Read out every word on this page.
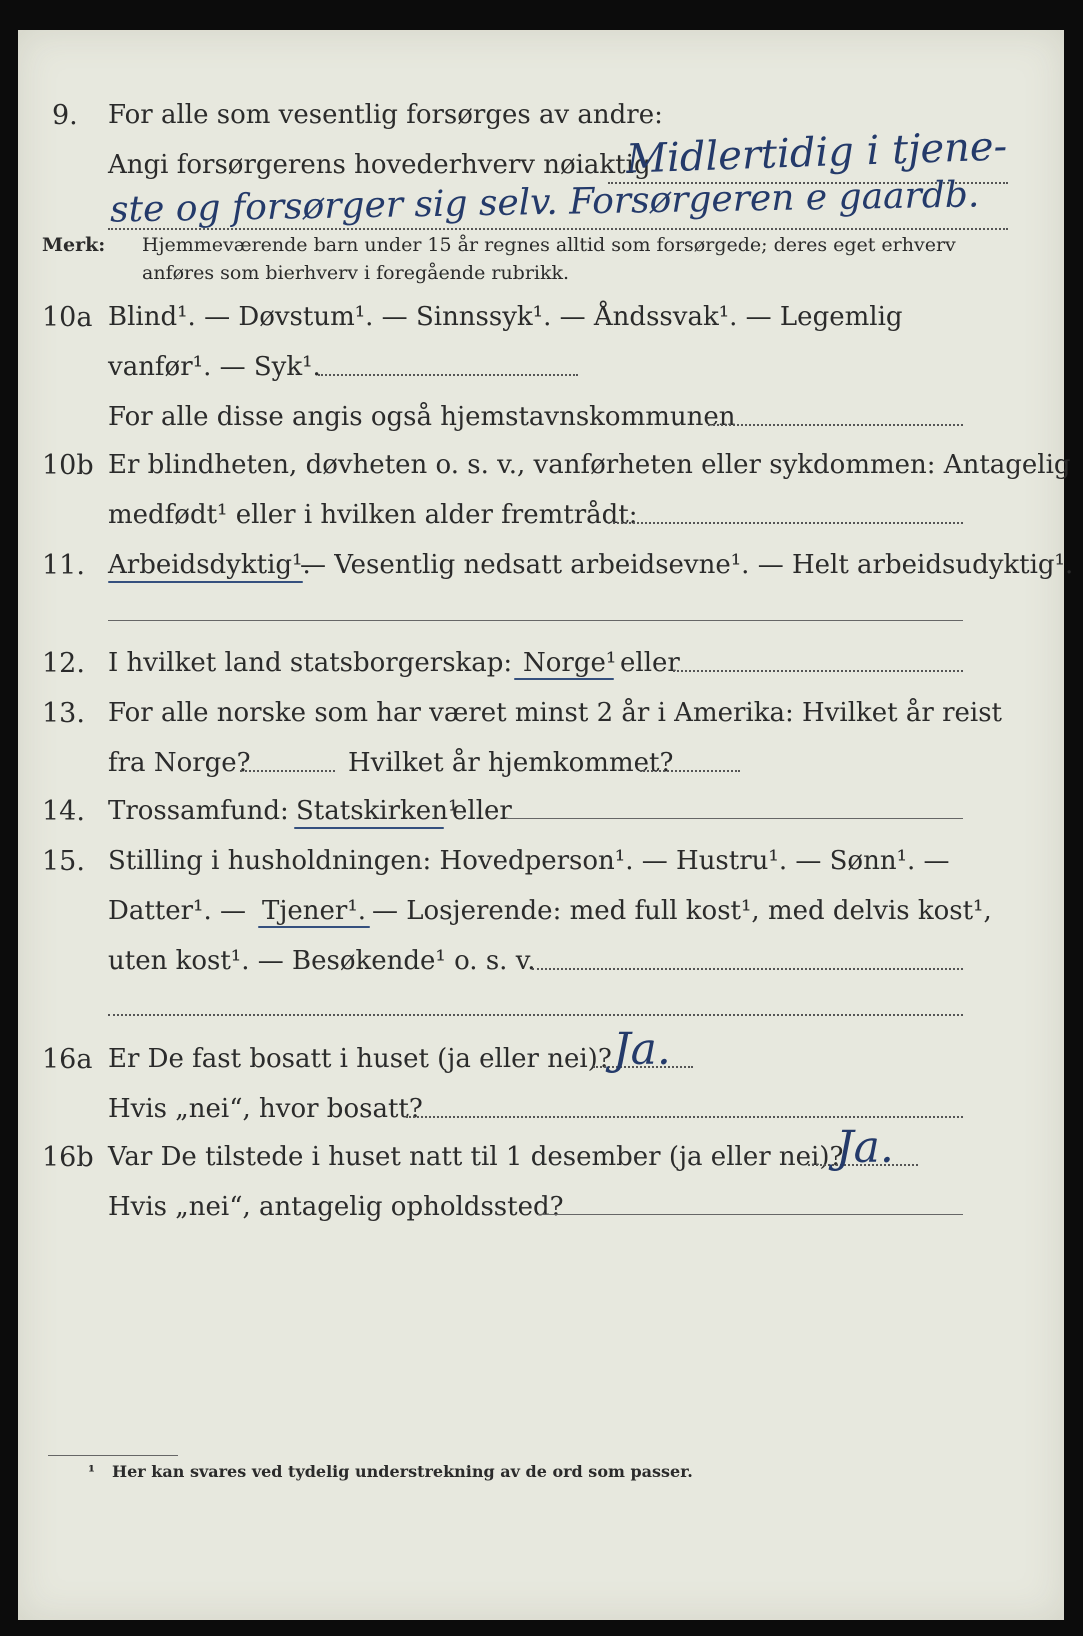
9. For alle som vesentlig forsørges av andre:
Angi forsørgerens hovederhverv nøiaktig
Midlertidig i tjene-
ste og forsørger sig selv. Forsørgeren e gaardb.
Merk: Hjemmeværende barn under 15 år regnes alltid som forsørgede; deres eget erhverv
anføres som bierhverv i foregående rubrikk.
10a Blind¹. — Døvstum¹. — Sinnssyk¹. — Åndssvak¹. — Legemlig
vanfør¹. — Syk¹.
For alle disse angis også hjemstavnskommunen
10b Er blindheten, døvheten o. s. v., vanførheten eller sykdommen: Antagelig
medfødt¹ eller i hvilken alder fremtrådt:
11. Arbeidsdyktig¹.
— Vesentlig nedsatt arbeidsevne¹. — Helt arbeidsudyktig¹.
12. I hvilket land statsborgerskap: Norge¹ eller
13. For alle norske som har været minst 2 år i Amerika: Hvilket år reist
fra Norge?	Hvilket år hjemkommet?
14. Trossamfund: Statskirken¹
eller
15. Stilling i husholdningen: Hovedperson¹. — Hustru¹. — Sønn¹. —
Datter¹. — Tjener¹. — Losjerende: med full kost¹, med delvis kost¹,
uten kost¹. — Besøkende¹ o. s. v.
16a Er De fast bosatt i huset (ja eller nei)? Ja.
Hvis „nei“, hvor bosatt?
16b Var De tilstede i huset natt til 1 desember (ja eller nei)?
Ja.
Hvis „nei“, antagelig opholdssted?
¹ Her kan svares ved tydelig understrekning av de ord som passer.
